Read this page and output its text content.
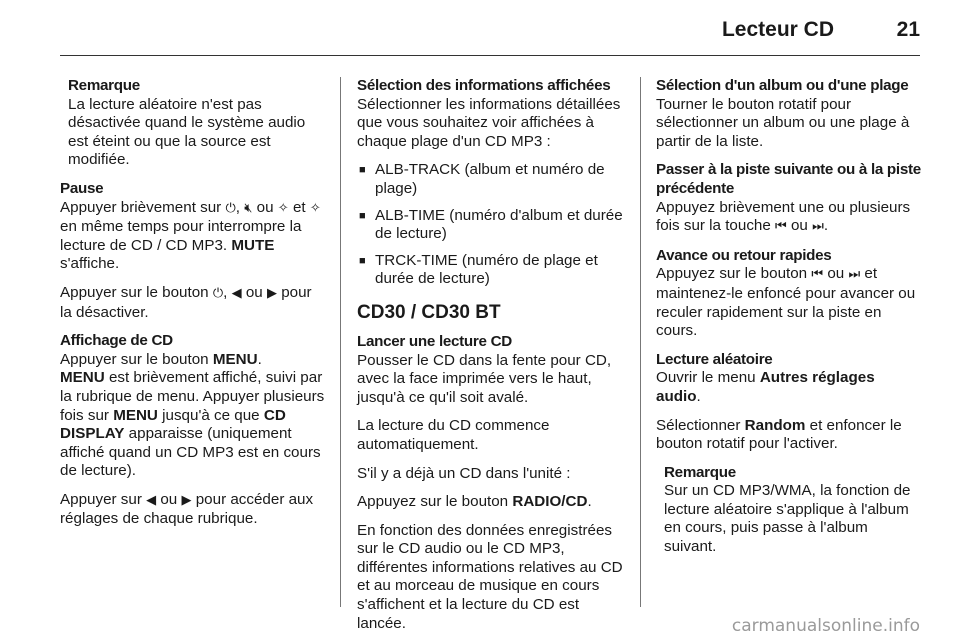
Lecteur CD	21
Remarque
La lecture aléatoire n'est pas désactivée quand le système audio est éteint ou que la source est modifiée.
Pause
Appuyer brièvement sur ⏻, 🔇︎ ou ✧ et ✧ en même temps pour interrompre la lecture de CD / CD MP3. MUTE s'affiche.
Appuyer sur le bouton ⏻, ◀ ou ▶ pour la désactiver.
Affichage de CD
Appuyer sur le bouton MENU.
MENU est brièvement affiché, suivi par la rubrique de menu. Appuyer plusieurs fois sur MENU jusqu'à ce que CD DISPLAY apparaisse (uniquement affiché quand un CD MP3 est en cours de lecture).
Appuyer sur ◀ ou ▶ pour accéder aux réglages de chaque rubrique.
Sélection des informations affichées
Sélectionner les informations détaillées que vous souhaitez voir affichées à chaque plage d'un CD MP3 :
■ ALB-TRACK (album et numéro de plage)
■ ALB-TIME (numéro d'album et durée de lecture)
■ TRCK-TIME (numéro de plage et durée de lecture)
CD30 / CD30 BT
Lancer une lecture CD
Pousser le CD dans la fente pour CD, avec la face imprimée vers le haut, jusqu'à ce qu'il soit avalé.
La lecture du CD commence automatiquement.
S'il y a déjà un CD dans l'unité :
Appuyez sur le bouton RADIO/CD.
En fonction des données enregistrées sur le CD audio ou le CD MP3, différentes informations relatives au CD et au morceau de musique en cours s'affichent et la lecture du CD est lancée.
Sélection d'un album ou d'une plage
Tourner le bouton rotatif pour sélectionner un album ou une plage à partir de la liste.
Passer à la piste suivante ou à la piste précédente
Appuyez brièvement une ou plusieurs fois sur la touche ⏮ ou ⏭.
Avance ou retour rapides
Appuyez sur le bouton ⏮ ou ⏭ et maintenez-le enfoncé pour avancer ou reculer rapidement sur la piste en cours.
Lecture aléatoire
Ouvrir le menu Autres réglages audio.
Sélectionner Random et enfoncer le bouton rotatif pour l'activer.
Remarque
Sur un CD MP3/WMA, la fonction de lecture aléatoire s'applique à l'album en cours, puis passe à l'album suivant.
carmanualsonline.info
